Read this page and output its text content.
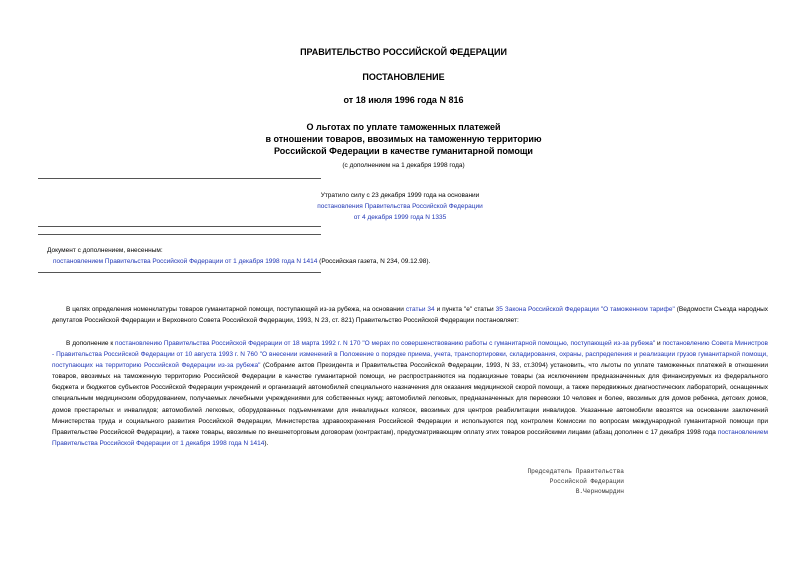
ПРАВИТЕЛЬСТВО РОССИЙСКОЙ ФЕДЕРАЦИИ
ПОСТАНОВЛЕНИЕ
от 18 июля 1996 года N 816
О льготах по уплате таможенных платежей
в отношении товаров, ввозимых на таможенную территорию
Российской Федерации в качестве гуманитарной помощи
(с дополнением на 1 декабря 1998 года)
Утратило силу с 23 декабря 1999 года на основании
постановления Правительства Российской Федерации
от 4 декабря 1999 года N 1335
Документ с дополнением, внесенным:
постановлением Правительства Российской Федерации от 1 декабря 1998 года N 1414 (Российская газета, N 234, 09.12.98).
В целях определения номенклатуры товаров гуманитарной помощи, поступающей из-за рубежа, на основании статьи 34 и пункта "е" статьи 35 Закона Российской Федерации "О таможенном тарифе" (Ведомости Съезда народных депутатов Российской Федерации и Верховного Совета Российской Федерации, 1993, N 23, ст. 821) Правительство Российской Федерации постановляет:
В дополнение к постановлению Правительства Российской Федерации от 18 марта 1992 г. N 170 "О мерах по совершенствованию работы с гуманитарной помощью, поступающей из-за рубежа" и постановлению Совета Министров - Правительства Российской Федерации от 10 августа 1993 г. N 760 "О внесении изменений в Положение о порядке приема, учета, транспортировки, складирования, охраны, распределения и реализации грузов гуманитарной помощи, поступающих на территорию Российской Федерации из-за рубежа" (Собрание актов Президента и Правительства Российской Федерации, 1993, N 33, ст.3094) установить, что льготы по уплате таможенных платежей в отношении товаров, ввозимых на таможенную территорию Российской Федерации в качестве гуманитарной помощи, не распространяются на подакцизные товары (за исключением предназначенных для финансируемых из федерального бюджета и бюджетов субъектов Российской Федерации учреждений и организаций автомобилей специального назначения для оказания медицинской скорой помощи, а также передвижных диагностических лабораторий, оснащенных специальным медицинским оборудованием, получаемых лечебными учреждениями для собственных нужд; автомобилей легковых, предназначенных для перевозки 10 человек и более, ввозимых для домов ребенка, детских домов, домов престарелых и инвалидов; автомобилей легковых, оборудованных подъемниками для инвалидных колясок, ввозимых для центров реабилитации инвалидов. Указанные автомобили ввозятся на основании заключений Министерства труда и социального развития Российской Федерации, Министерства здравоохранения Российской Федерации и используются под контролем Комиссии по вопросам международной гуманитарной помощи при Правительстве Российской Федерации), а также товары, ввозимые по внешнеторговым договорам (контрактам), предусматривающим оплату этих товаров российскими лицами (абзац дополнен с 17 декабря 1998 года постановлением Правительства Российской Федерации от 1 декабря 1998 года N 1414).
Председатель Правительства
Российской Федерации
В.Черномырдин
